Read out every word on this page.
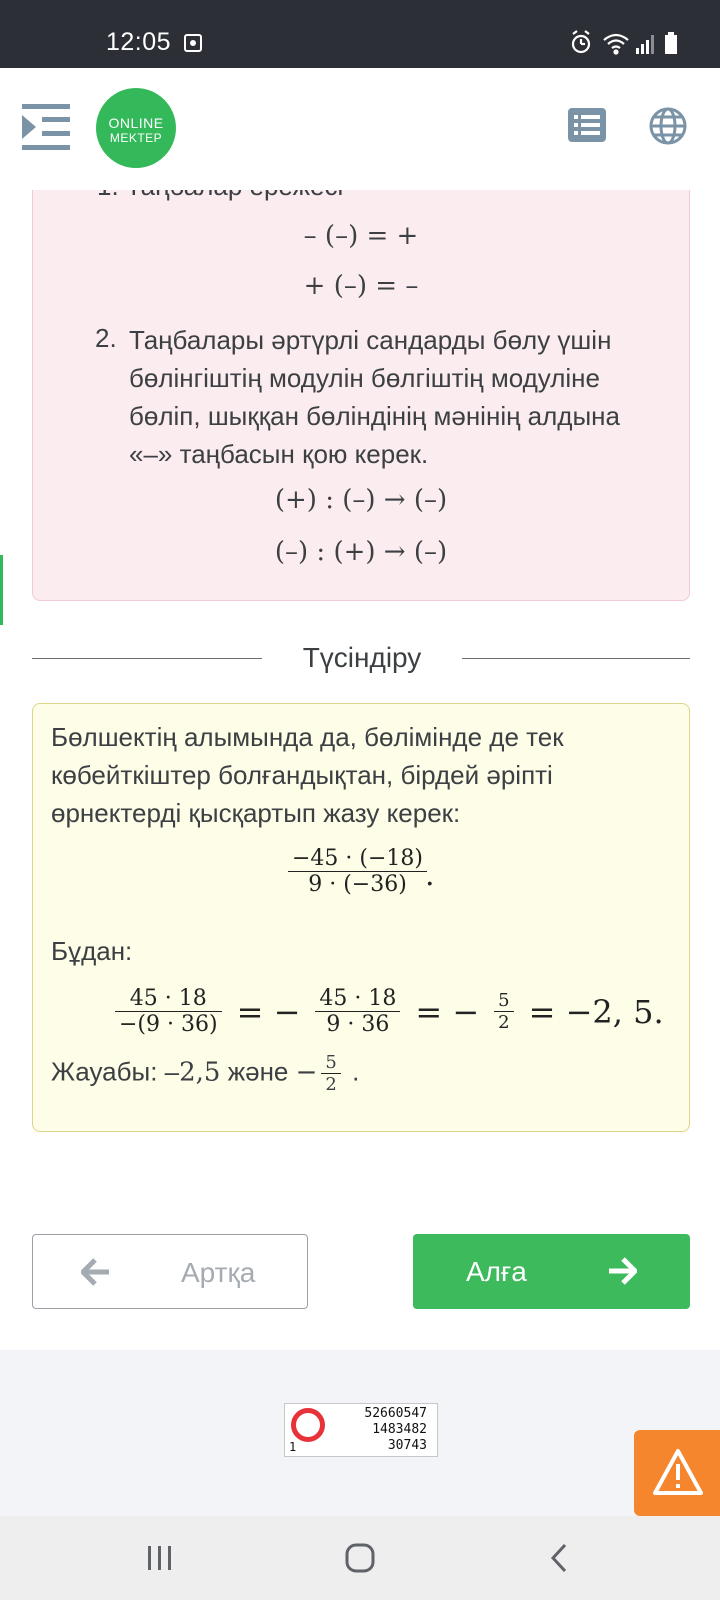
12:05
– (–) = +
+ (–) = –
2. Таңбалары әртүрлі сандарды бөлу үшін бөлінгіштің модулін бөлгіштің модуліне бөліп, шыққан бөліндінің мәнінің алдына «–» таңбасын қою керек.
(+) : (–) → (–)
(–) : (+) → (–)
ONLINE
MEKTEP
Түсіндіру
Бөлшектің алымында да, бөлімінде де тек көбейткіштер болғандықтан, бірдей әріпті өрнектерді қысқартып жазу керек:
$\frac{-45 \cdot (-18)}{9 \cdot (-36)}$
.
Бұдан:
$\frac{45 \cdot 18}{-(9 \cdot 36)}$ = − $\frac{45 \cdot 18}{9 \cdot 36}$ = − $\frac{5}{2} = -2$, 5.
Жауабы: –2,5 және − $\frac{5}{2}$ .
Артқа	Алға
1
52660547
1483482
30743
